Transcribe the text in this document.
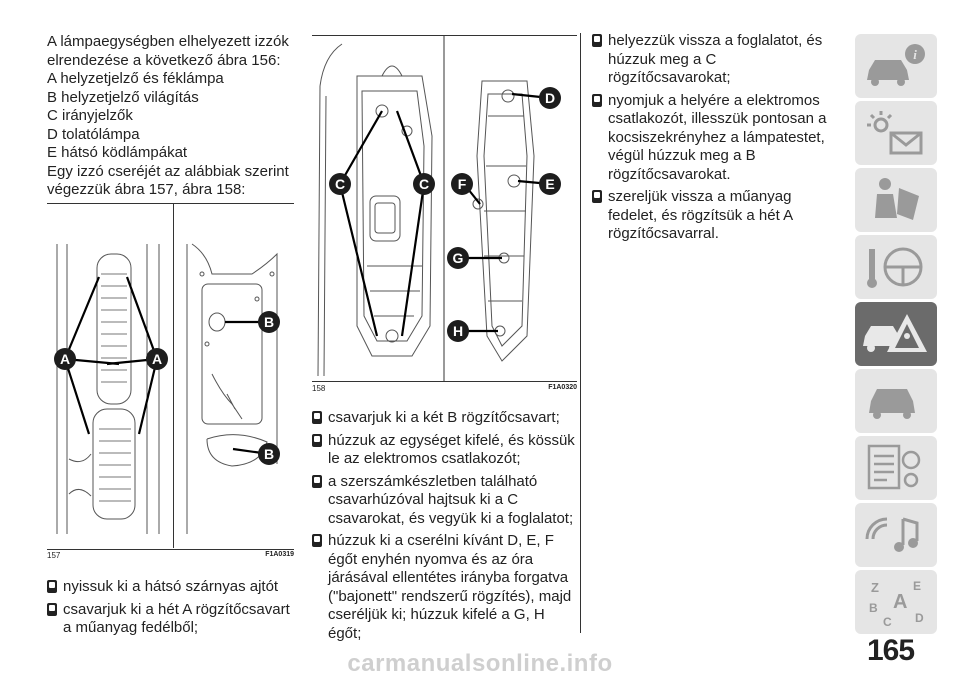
A lámpaegységben elhelyezett izzók
elrendezése a következő ábra 156:
A helyzetjelző és féklámpa
B helyzetjelző világítás
C irányjelzők
D tolatólámpa
E hátsó ködlámpákat
Egy izzó cseréjét az alábbiak szerint
végezzük ábra 157, ábra 158:
A	A
B
B
157	F1A0319
nyissuk ki a hátsó szárnyas ajtót
csavarjuk ki a hét A rögzítőcsavart a műanyag fedélből;
C	C
D
E
F
G
H
158	F1A0320
csavarjuk ki a két B rögzítőcsavart;
húzzuk az egységet kifelé, és kössük le az elektromos csatlakozót;
a szerszámkészletben található csavarhúzóval hajtsuk ki a C csavarokat, és vegyük ki a foglalatot;
húzzuk ki a cserélni kívánt D, E, F égőt enyhén nyomva és az óra járásával ellentétes irányba forgatva ("bajonett" rendszerű rögzítés), majd cseréljük ki; húzzuk kifelé a G, H égőt;
helyezzük vissza a foglalatot, és húzzuk meg a C rögzítőcsavarokat;
nyomjuk a helyére a elektromos csatlakozót, illesszük pontosan a kocsiszekrényhez a lámpatestet, végül húzzuk meg a B rögzítőcsavarokat.
szereljük vissza a műanyag fedelet, és rögzítsük a hét A rögzítőcsavarral.
i
Z	E
B A
C D
165
carmanualsonline.info
